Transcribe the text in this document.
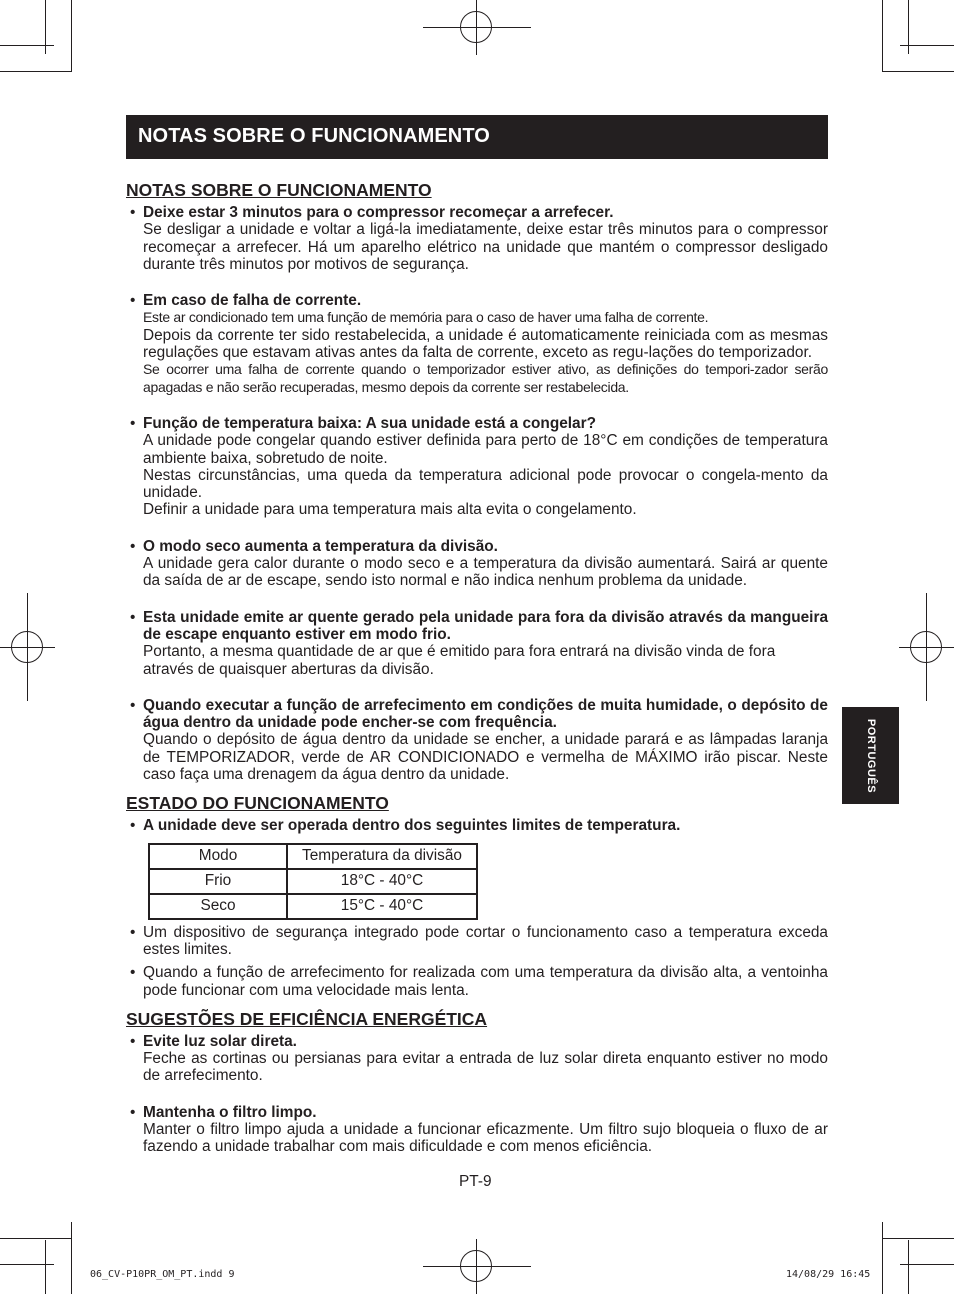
NOTAS SOBRE O FUNCIONAMENTO
PORTUGUÊS
NOTAS SOBRE O FUNCIONAMENTO
• Deixe estar 3 minutos para o compressor recomeçar a arrefecer.
Se desligar a unidade e voltar a ligá-la imediatamente, deixe estar três minutos para o compressor recomeçar a arrefecer. Há um aparelho elétrico na unidade que mantém o compressor desligado durante três minutos por motivos de segurança.
• Em caso de falha de corrente.
Este ar condicionado tem uma função de memória para o caso de haver uma falha de corrente.
Depois da corrente ter sido restabelecida, a unidade é automaticamente reiniciada com as mesmas regulações que estavam ativas antes da falta de corrente, exceto as regu-lações do temporizador.
Se ocorrer uma falha de corrente quando o temporizador estiver ativo, as definições do tempori-zador serão apagadas e não serão recuperadas, mesmo depois da corrente ser restabelecida.
• Função de temperatura baixa: A sua unidade está a congelar?
A unidade pode congelar quando estiver definida para perto de 18°C em condições de temperatura ambiente baixa, sobretudo de noite.
Nestas circunstâncias, uma queda da temperatura adicional pode provocar o congela-mento da unidade.
Definir a unidade para uma temperatura mais alta evita o congelamento.
• O modo seco aumenta a temperatura da divisão.
A unidade gera calor durante o modo seco e a temperatura da divisão aumentará. Sairá ar quente da saída de ar de escape, sendo isto normal e não indica nenhum problema da unidade.
• Esta unidade emite ar quente gerado pela unidade para fora da divisão através da mangueira de escape enquanto estiver em modo frio.
Portanto, a mesma quantidade de ar que é emitido para fora entrará na divisão vinda de fora através de quaisquer aberturas da divisão.
• Quando executar a função de arrefecimento em condições de muita humidade, o depósito de água dentro da unidade pode encher-se com frequência.
Quando o depósito de água dentro da unidade se encher, a unidade parará e as lâmpadas laranja de TEMPORIZADOR, verde de AR CONDICIONADO e vermelha de MÁXIMO irão piscar. Neste caso faça uma drenagem da água dentro da unidade.
ESTADO DO FUNCIONAMENTO
• A unidade deve ser operada dentro dos seguintes limites de temperatura.
Modo	Temperatura da divisão
Frio	18°C - 40°C
Seco	15°C - 40°C
• Um dispositivo de segurança integrado pode cortar o funcionamento caso a temperatura exceda estes limites.
• Quando a função de arrefecimento for realizada com uma temperatura da divisão alta, a ventoinha pode funcionar com uma velocidade mais lenta.
SUGESTÕES DE EFICIÊNCIA ENERGÉTICA
• Evite luz solar direta.
Feche as cortinas ou persianas para evitar a entrada de luz solar direta enquanto estiver no modo de arrefecimento.
• Mantenha o filtro limpo.
Manter o filtro limpo ajuda a unidade a funcionar eficazmente. Um filtro sujo bloqueia o fluxo de ar fazendo a unidade trabalhar com mais dificuldade e com menos eficiência.
PT-9
06_CV-P10PR_OM_PT.indd 9	14/08/29 16:45
